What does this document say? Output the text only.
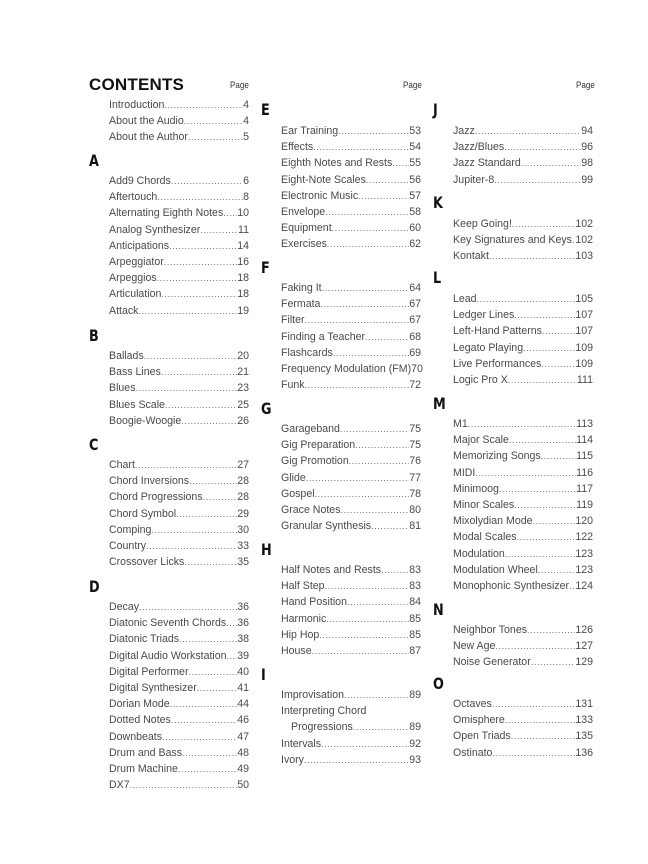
CONTENTS	Page	Page	Page
Introduction .....	4
About the Audio .....	4
About the Author .....	5
A
Add9 Chords .....	6
Aftertouch .....	8
Alternating Eighth Notes ..... 10
Analog Synthesizer .....	11
Anticipations .....	14
Arpeggiator .....	16
Arpeggios .....	18
Articulation .....	18
Attack .....	19
B
Ballads .....	20
Bass Lines .....	21
Blues .....	23
Blues Scale .....	25
Boogie-Woogie .....	26
C
Chart .....	27
Chord Inversions .....	28
Chord Progressions .....	28
Chord Symbol .....	29
Comping .....	30
Country .....	33
Crossover Licks .....	35
D
Decay .....	36
Diatonic Seventh Chords ..... 36
Diatonic Triads .....	38
Digital Audio Workstation ..... 39
Digital Performer .....	40
Digital Synthesizer .....	41
Dorian Mode .....	44
Dotted Notes .....	46
Downbeats .....	47
Drum and Bass .....	48
Drum Machine .....	49
DX7 .....	50
E
Ear Training .....	53
Effects .....	54
Eighth Notes and Rests ..... 55
Eight-Note Scales .....	56
Electronic Music .....	57
Envelope .....	58
Equipment .....	60
Exercises .....	62
F
Faking It .....	64
Fermata .....	67
Filter .....	67
Finding a Teacher .....	68
Flashcards .....	69
Frequency Modulation (FM) 70
Funk .....	72
G
Garageband .....	75
Gig Preparation .....	75
Gig Promotion .....	76
Glide .....	77
Gospel .....	78
Grace Notes .....	80
Granular Synthesis .....	81
H
Half Notes and Rests .....	83
Half Step .....	83
Hand Position .....	84
Harmonic .....	85
Hip Hop .....	85
House .....	87
I
Improvisation .....	89
Interpreting Chord
Progressions .....	89
Intervals .....	92
Ivory .....	93
J
Jazz .....	94
Jazz/Blues .....	96
Jazz Standard .....	98
Jupiter-8 .....	99
K
Keep Going! .....	102
Key Signatures and Keys ..... 102
Kontakt .....	103
L
Lead .....	105
Ledger Lines .....	107
Left-Hand Patterns .....	107
Legato Playing .....	109
Live Performances .....	109
Logic Pro X .....	111
M
M1 .....	113
Major Scale .....	114
Memorizing Songs .....	115
MIDI .....	116
Minimoog .....	117
Minor Scales .....	119
Mixolydian Mode .....	120
Modal Scales .....	122
Modulation .....	123
Modulation Wheel .....	123
Monophonic Synthesizer ..... 124
N
Neighbor Tones .....	126
New Age .....	127
Noise Generator .....	129
O
Octaves .....	131
Omisphere .....	133
Open Triads .....	135
Ostinato .....	136
